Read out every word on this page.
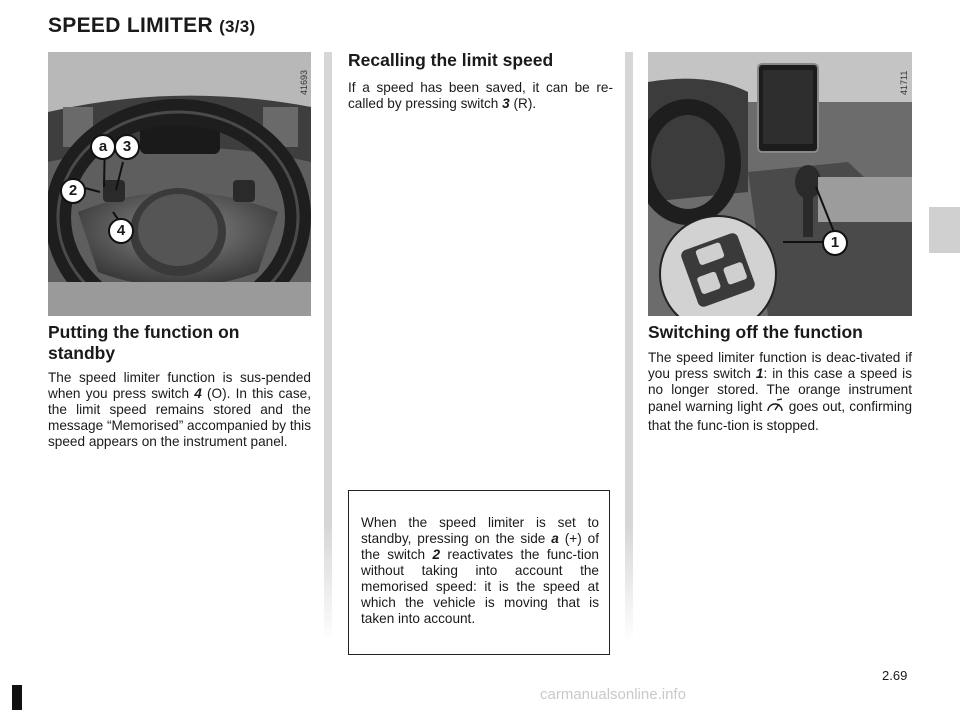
SPEED LIMITER (3/3)
a	3
2
4
41693
1
41711
Putting the function on standby

The speed limiter function is sus-pended when you press switch 4 (O). In this case, the limit speed remains stored and the message “Memorised” accompanied by this speed appears on the instrument panel.

Recalling the limit speed

If a speed has been saved, it can be re-called by pressing switch 3 (R).

When the speed limiter is set to standby, pressing on the side a (+) of the switch 2 reactivates the func-tion without taking into account the memorised speed: it is the speed at which the vehicle is moving that is taken into account.
Switching off the function

The speed limiter function is deac-tivated if you press switch 1: in this case a speed is no longer stored. The orange instrument panel warning light  goes out, confirming that the func-tion is stopped.

2.69
carmanualsonline.info
